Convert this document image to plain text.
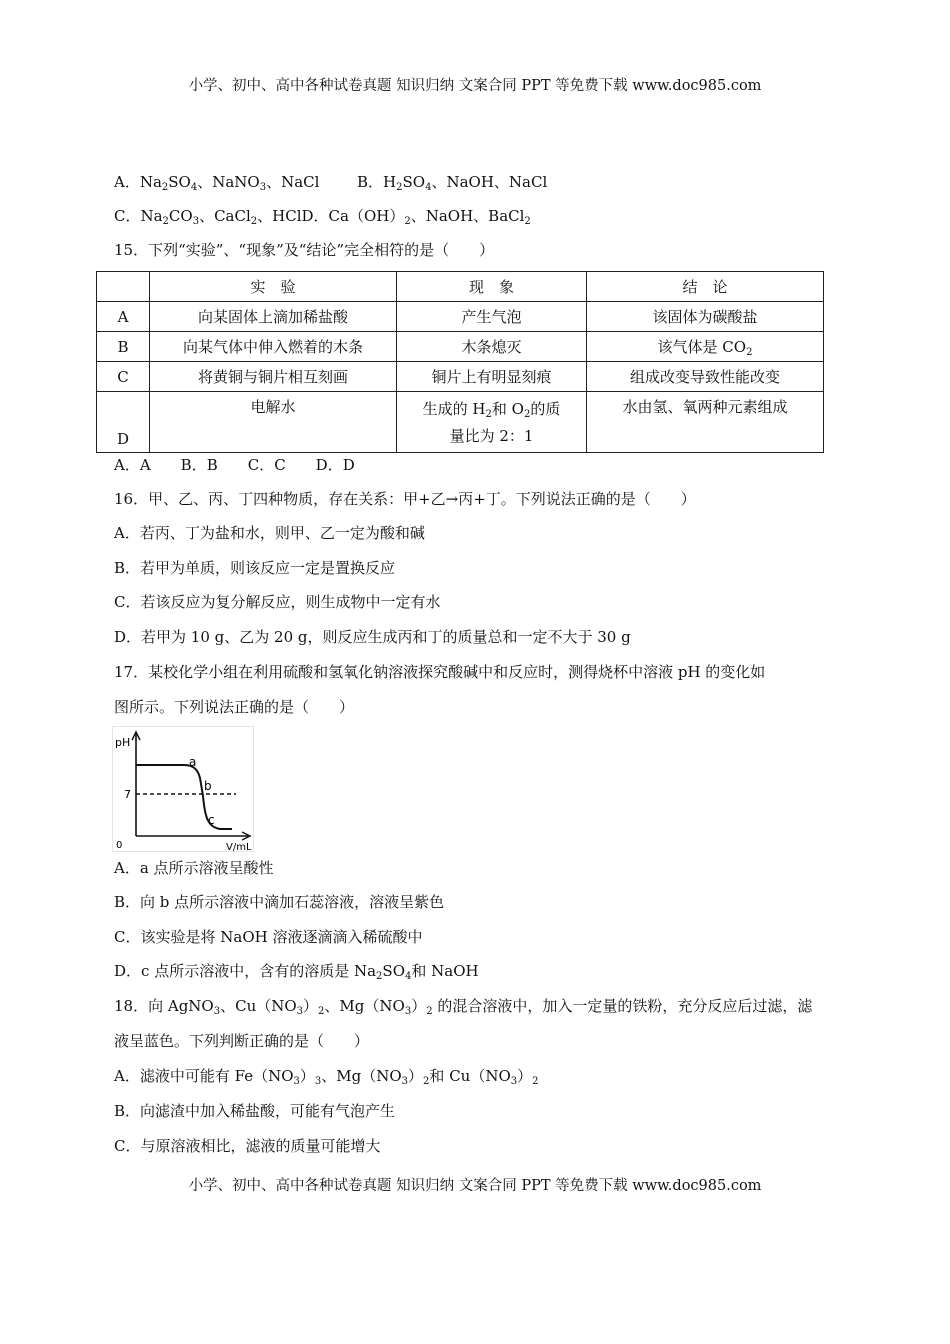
小学、初中、高中各种试卷真题 知识归纳 文案合同 PPT 等免费下载 www.doc985.com
A．$Na_2SO_4$、NaNO$_3$、NaCl	B．$H_2SO_4$、NaOH、NaCl
C．$Na_2CO_3$、CaCl$_2$、HClD．$Ca(OH)_2$、NaOH、BaCl$_2$
15．下列“实验”、“现象”及“结论”完全相符的是（　　）
	实　验	现　象	结　论
A	向某固体上滴加稀盐酸	产生气泡	该固体为碳酸盐
B	向某气体中伸入燃着的木条	木条熄灭	该气体是 $CO_2$
C	将黄铜与铜片相互刻画	铜片上有明显刻痕	组成改变导致性能改变
D	电解水	生成的 $H_2$和 $O_2$的质
量比为 2：1	水由氢、氧两种元素组成
A．A　　B．B　　C．C　　D．D
16．甲、乙、丙、丁四种物质，存在关系：甲+乙→丙+丁。下列说法正确的是（　　）
A．若丙、丁为盐和水，则甲、乙一定为酸和碱
B．若甲为单质，则该反应一定是置换反应
C．若该反应为复分解反应，则生成物中一定有水
D．若甲为 10 g、乙为 20 g，则反应生成丙和丁的质量总和一定不大于 30 g
17．某校化学小组在利用硫酸和氢氧化钠溶液探究酸碱中和反应时，测得烧杯中溶液 pH 的变化如
图所示。下列说法正确的是（　　）
pH
7
0	V/mL
a
b
c
A．a 点所示溶液呈酸性
B．向 b 点所示溶液中滴加石蕊溶液，溶液呈紫色
C．该实验是将 NaOH 溶液逐滴滴入稀硫酸中
D．c 点所示溶液中，含有的溶质是 $Na_2SO_4$和 NaOH
18．向 AgNO$_3$、$Cu(NO_3)_2$、$Mg(NO_3)_2$ 的混合溶液中，加入一定量的铁粉，充分反应后过滤，滤
液呈蓝色。下列判断正确的是（　　）
A．滤液中可能有 $Fe(NO_3)_3$、$Mg(NO_3)_2$和 $Cu(NO_3)_2$
B．向滤渣中加入稀盐酸，可能有气泡产生
C．与原溶液相比，滤液的质量可能增大
小学、初中、高中各种试卷真题 知识归纳 文案合同 PPT 等免费下载 www.doc985.com
